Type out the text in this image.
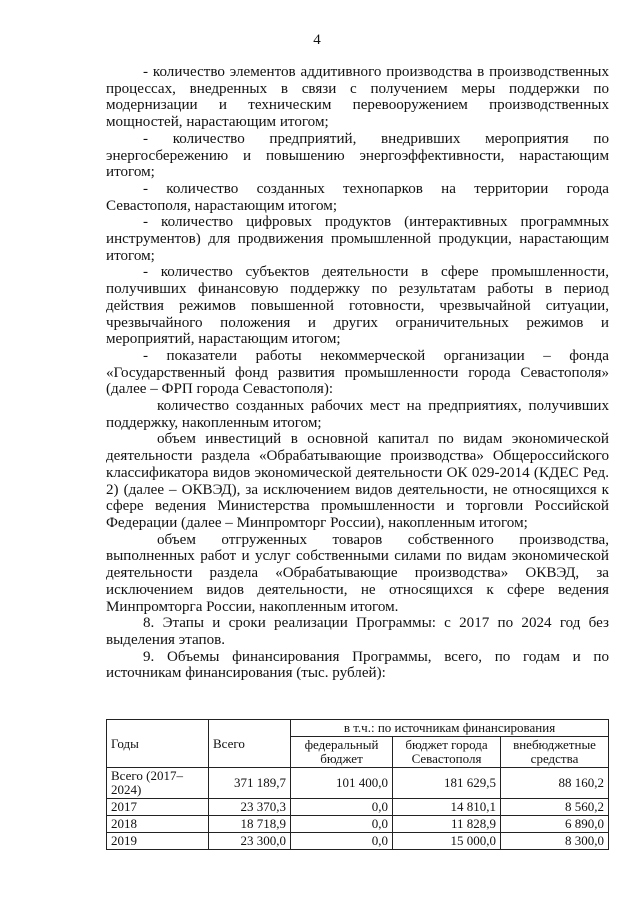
4

- количество элементов аддитивного производства в производственных процессах, внедренных в связи с получением меры поддержки по модернизации и техническим перевооружением производственных мощностей, нарастающим итогом;

- количество предприятий, внедривших мероприятия по энергосбережению и повышению энергоэффективности, нарастающим итогом;

- количество созданных технопарков на территории города Севастополя, нарастающим итогом;

- количество цифровых продуктов (интерактивных программных инструментов) для продвижения промышленной продукции, нарастающим итогом;

- количество субъектов деятельности в сфере промышленности, получивших финансовую поддержку по результатам работы в период действия режимов повышенной готовности, чрезвычайной ситуации, чрезвычайного положения и других ограничительных режимов и мероприятий, нарастающим итогом;

- показатели работы некоммерческой организации – фонда «Государственный фонд развития промышленности города Севастополя» (далее – ФРП города Севастополя):

количество созданных рабочих мест на предприятиях, получивших поддержку, накопленным итогом;

объем инвестиций в основной капитал по видам экономической деятельности раздела «Обрабатывающие производства» Общероссийского классификатора видов экономической деятельности ОК 029-2014 (КДЕС Ред. 2) (далее – ОКВЭД), за исключением видов деятельности, не относящихся к сфере ведения Министерства промышленности и торговли Российской Федерации (далее – Минпромторг России), накопленным итогом;

объем отгруженных товаров собственного производства, выполненных работ и услуг собственными силами по видам экономической деятельности раздела «Обрабатывающие производства» ОКВЭД, за исключением видов деятельности, не относящихся к сфере ведения Минпромторга России, накопленным итогом.

8. Этапы и сроки реализации Программы: с 2017 по 2024 год без выделения этапов.

9. Объемы финансирования Программы, всего, по годам и по источникам финансирования (тыс. рублей):

Годы	Всего	в т.ч.: по источникам финансирования		
		федеральный бюджет	бюджет города Севастополя	внебюджетные средства
Всего (2017–2024)	371 189,7	101 400,0	181 629,5	88 160,2
2017	23 370,3	0,0	14 810,1	8 560,2
2018	18 718,9	0,0	11 828,9	6 890,0
2019	23 300,0	0,0	15 000,0	8 300,0
